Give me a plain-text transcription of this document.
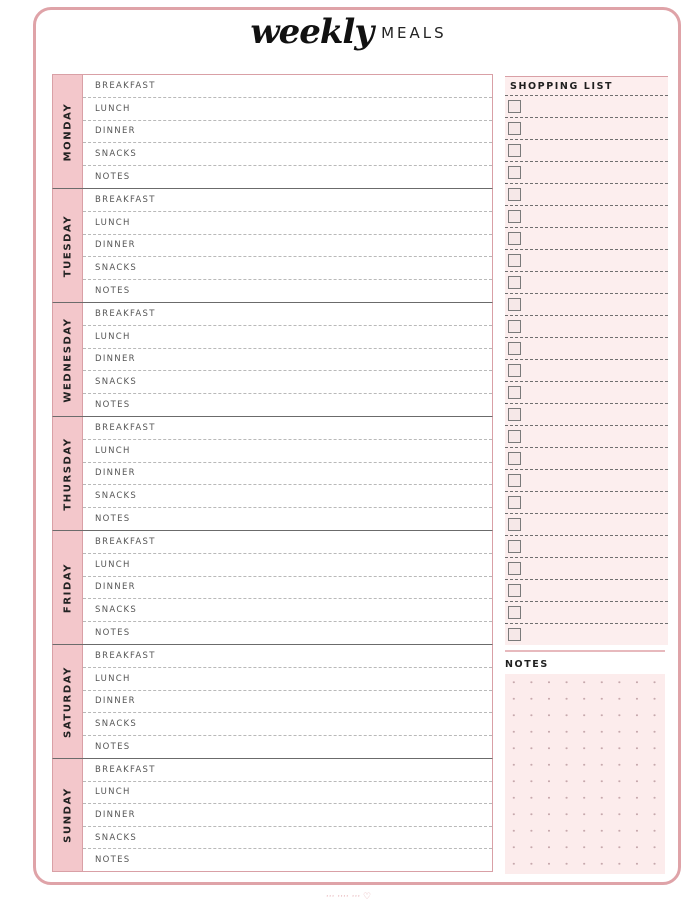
weekly MEALS
MONDAY
BREAKFAST
LUNCH
DINNER
SNACKS
NOTES
TUESDAY
BREAKFAST
LUNCH
DINNER
SNACKS
NOTES
WEDNESDAY
BREAKFAST
LUNCH
DINNER
SNACKS
NOTES
THURSDAY
BREAKFAST
LUNCH
DINNER
SNACKS
NOTES
FRIDAY
BREAKFAST
LUNCH
DINNER
SNACKS
NOTES
SATURDAY
BREAKFAST
LUNCH
DINNER
SNACKS
NOTES
SUNDAY
BREAKFAST
LUNCH
DINNER
SNACKS
NOTES
SHOPPING LIST
NOTES
··· ···· ··· ♡
